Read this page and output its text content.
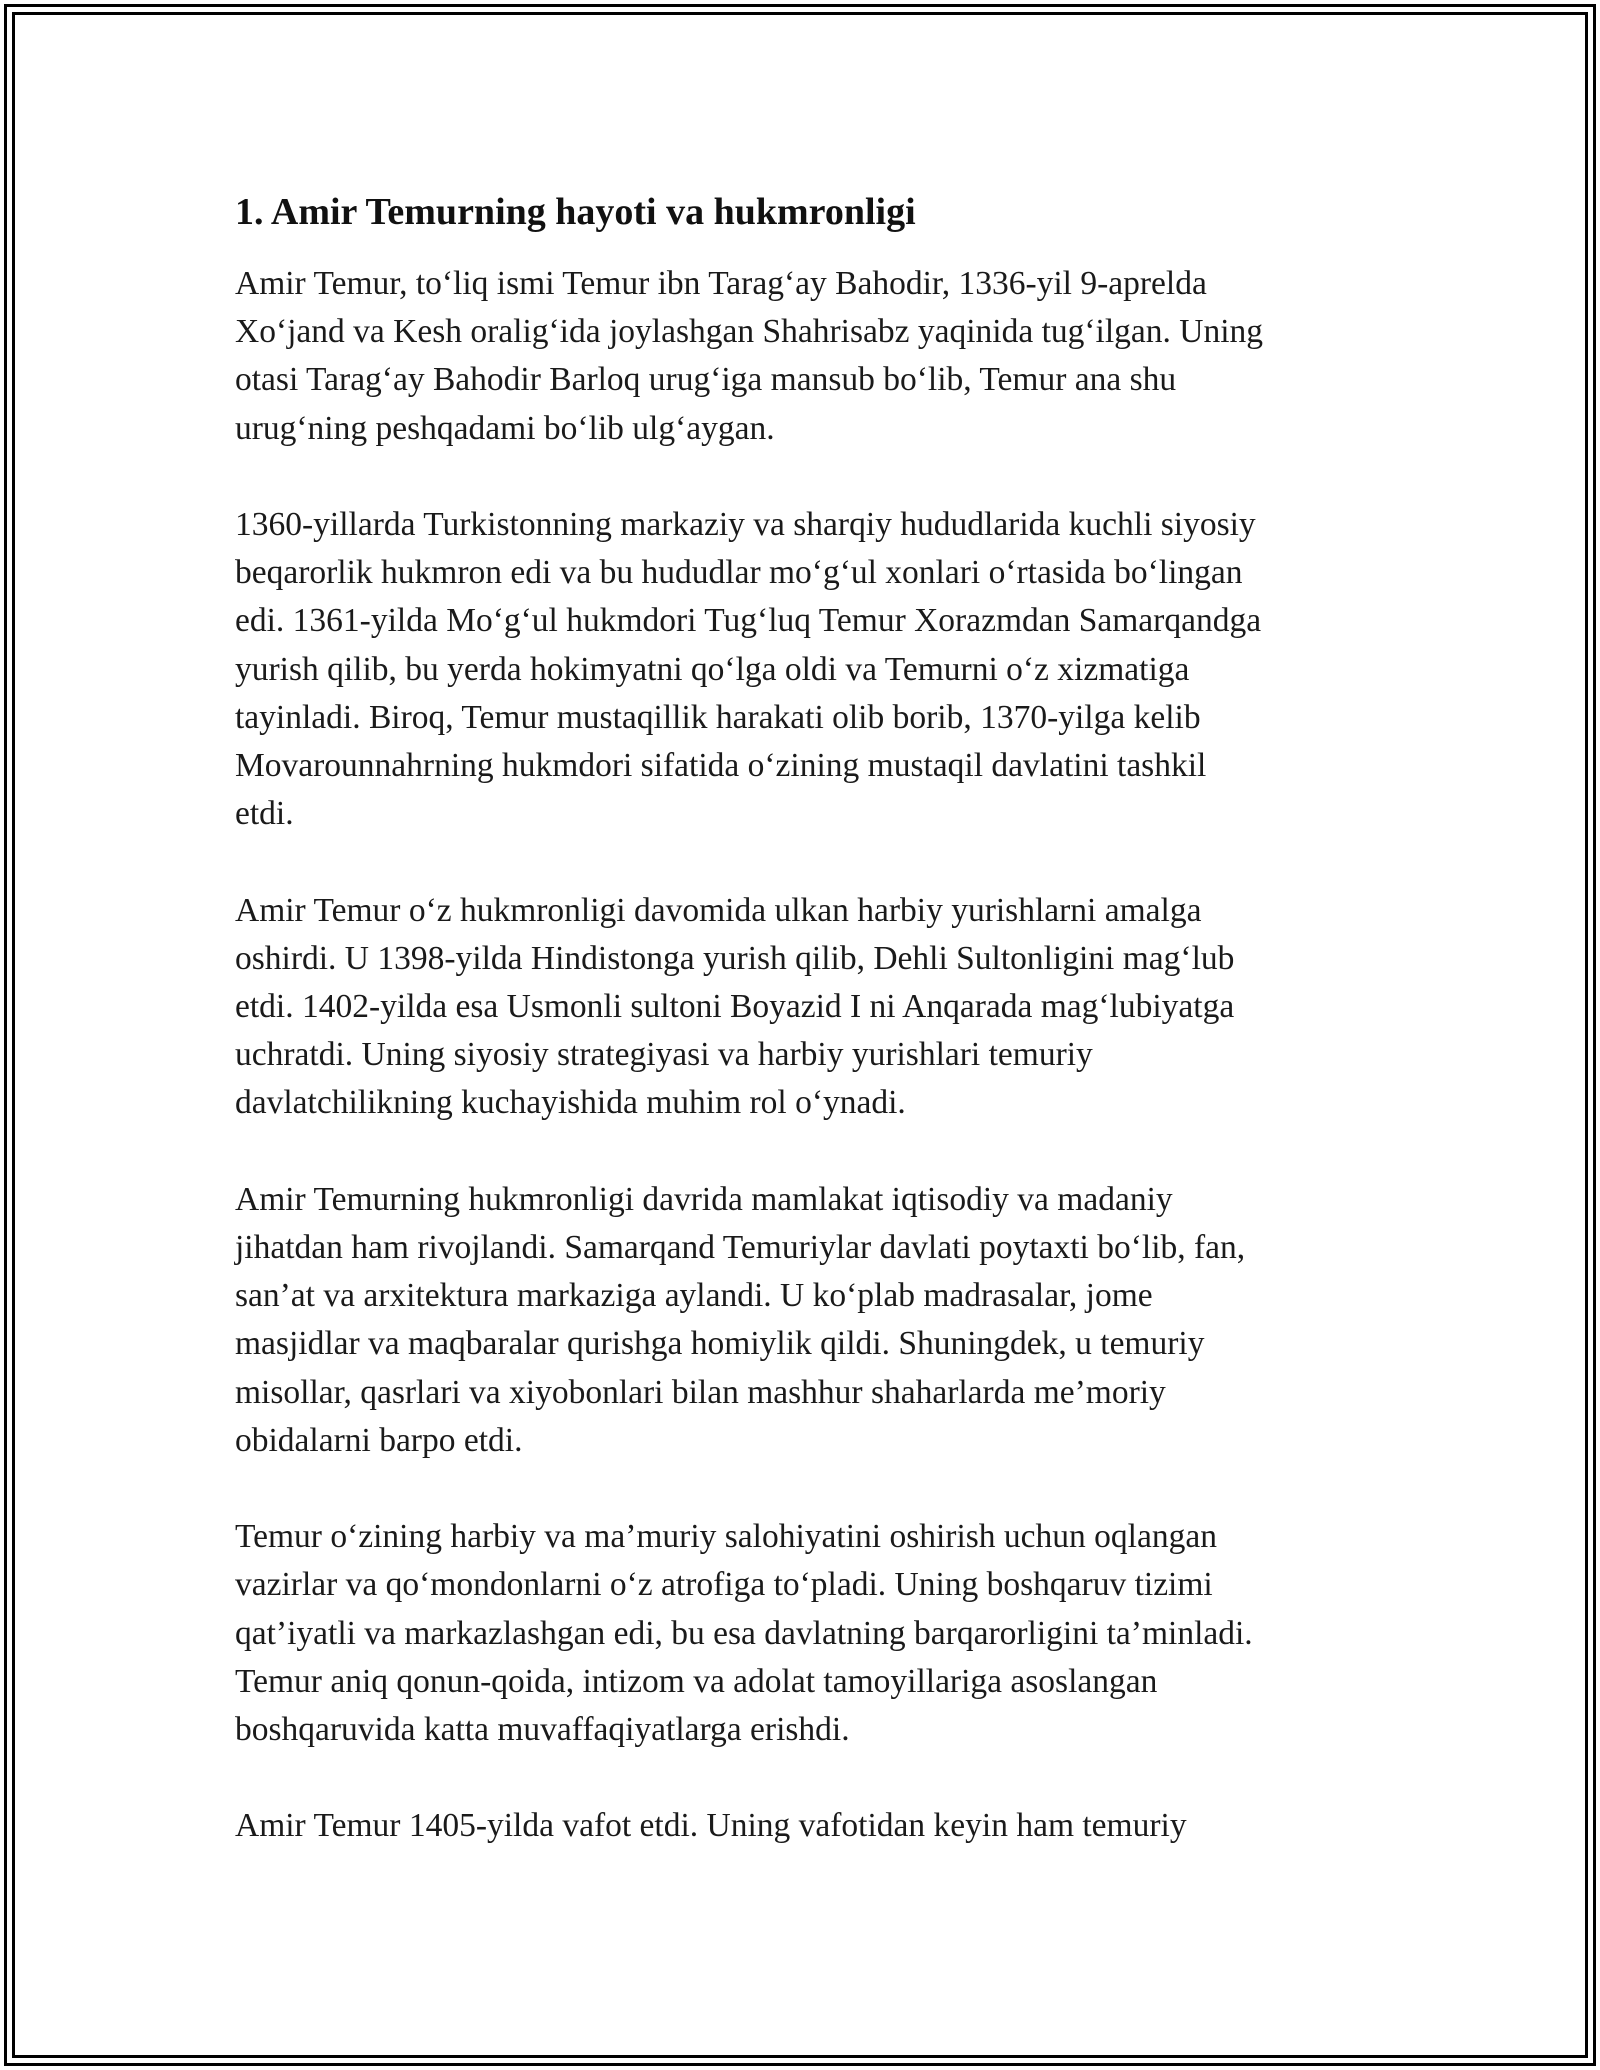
1. Amir Temurning hayoti va hukmronligi
Amir Temur, to‘liq ismi Temur ibn Tarag‘ay Bahodir, 1336-yil 9-aprelda
Xo‘jand va Kesh oralig‘ida joylashgan Shahrisabz yaqinida tug‘ilgan. Uning
otasi Tarag‘ay Bahodir Barloq urug‘iga mansub bo‘lib, Temur ana shu
urug‘ning peshqadami bo‘lib ulg‘aygan.
1360-yillarda Turkistonning markaziy va sharqiy hududlarida kuchli siyosiy
beqarorlik hukmron edi va bu hududlar mo‘g‘ul xonlari o‘rtasida bo‘lingan
edi. 1361-yilda Mo‘g‘ul hukmdori Tug‘luq Temur Xorazmdan Samarqandga
yurish qilib, bu yerda hokimyatni qo‘lga oldi va Temurni o‘z xizmatiga
tayinladi. Biroq, Temur mustaqillik harakati olib borib, 1370-yilga kelib
Movarounnahrning hukmdori sifatida o‘zining mustaqil davlatini tashkil
etdi.
Amir Temur o‘z hukmronligi davomida ulkan harbiy yurishlarni amalga
oshirdi. U 1398-yilda Hindistonga yurish qilib, Dehli Sultonligini mag‘lub
etdi. 1402-yilda esa Usmonli sultoni Boyazid I ni Anqarada mag‘lubiyatga
uchratdi. Uning siyosiy strategiyasi va harbiy yurishlari temuriy
davlatchilikning kuchayishida muhim rol o‘ynadi.
Amir Temurning hukmronligi davrida mamlakat iqtisodiy va madaniy
jihatdan ham rivojlandi. Samarqand Temuriylar davlati poytaxti bo‘lib, fan,
san’at va arxitektura markaziga aylandi. U ko‘plab madrasalar, jome
masjidlar va maqbaralar qurishga homiylik qildi. Shuningdek, u temuriy
misollar, qasrlari va xiyobonlari bilan mashhur shaharlarda me’moriy
obidalarni barpo etdi.
Temur o‘zining harbiy va ma’muriy salohiyatini oshirish uchun oqlangan
vazirlar va qo‘mondonlarni o‘z atrofiga to‘pladi. Uning boshqaruv tizimi
qat’iyatli va markazlashgan edi, bu esa davlatning barqarorligini ta’minladi.
Temur aniq qonun-qoida, intizom va adolat tamoyillariga asoslangan
boshqaruvida katta muvaffaqiyatlarga erishdi.
Amir Temur 1405-yilda vafot etdi. Uning vafotidan keyin ham temuriy
